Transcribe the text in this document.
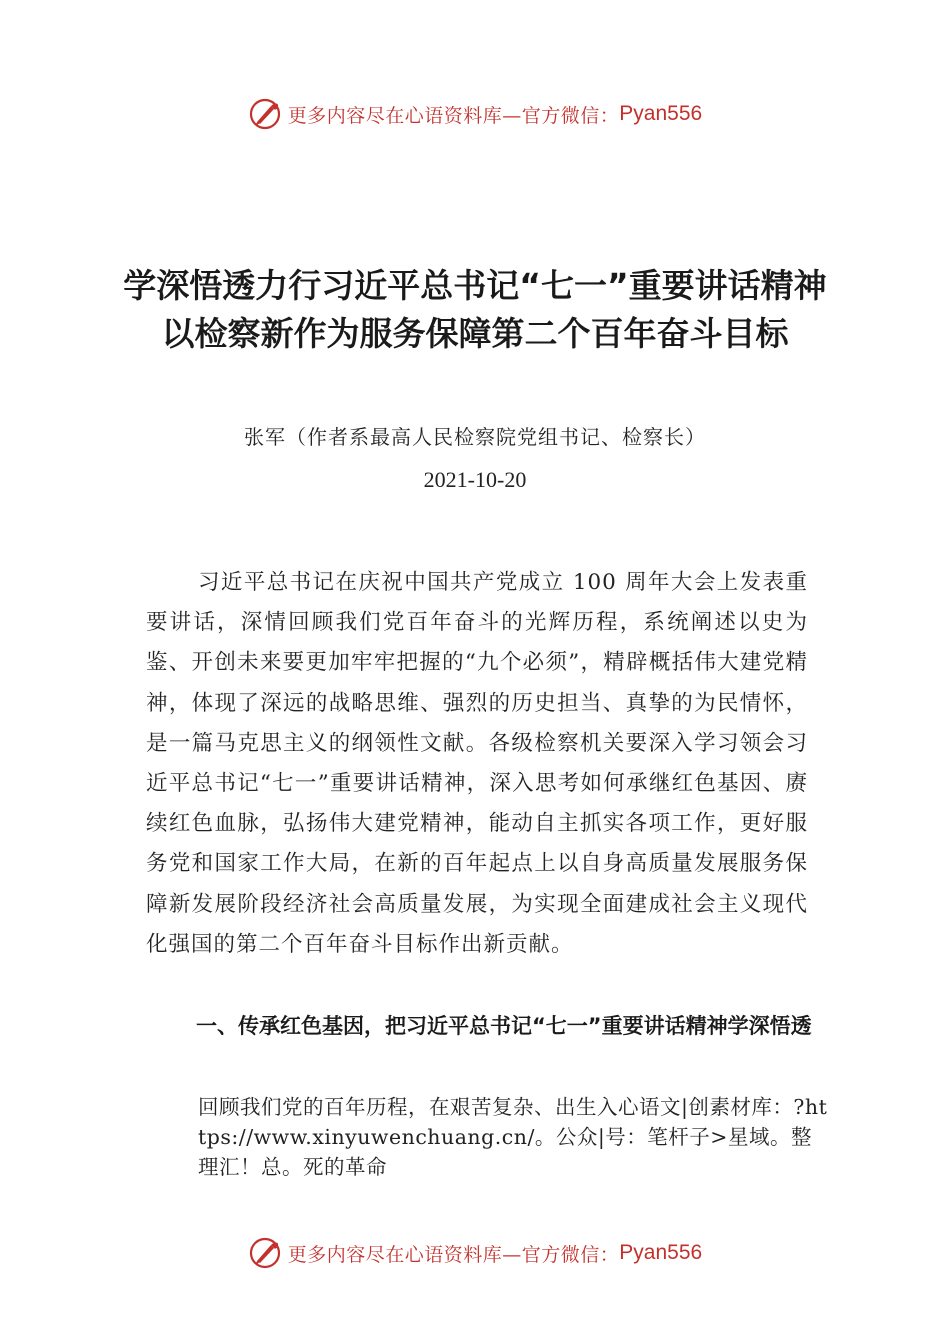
更多内容尽在心语资料库—官方微信： Pyan556
学深悟透力行习近平总书记“七一”重要讲话精神以检察新作为服务保障第二个百年奋斗目标
张军（作者系最高人民检察院党组书记、检察长）
2021-10-20

习近平总书记在庆祝中国共产党成立 100 周年大会上发表重要讲话，深情回顾我们党百年奋斗的光辉历程，系统阐述以史为鉴、开创未来要更加牢牢把握的“九个必须”，精辟概括伟大建党精神，体现了深远的战略思维、强烈的历史担当、真挚的为民情怀，是一篇马克思主义的纲领性文献。各级检察机关要深入学习领会习近平总书记“七一”重要讲话精神，深入思考如何承继红色基因、赓续红色血脉，弘扬伟大建党精神，能动自主抓实各项工作，更好服务党和国家工作大局，在新的百年起点上以自身高质量发展服务保障新发展阶段经济社会高质量发展，为实现全面建成社会主义现代化强国的第二个百年奋斗目标作出新贡献。

一、传承红色基因，把习近平总书记“七一”重要讲话精神学深悟透

回顾我们党的百年历程，在艰苦复杂、出生入心语文|创素材库：?https://www.xinyuwenchuang.cn/。公众|号：笔杆子>星域。整理汇！总。死的革命

更多内容尽在心语资料库—官方微信： Pyan556
